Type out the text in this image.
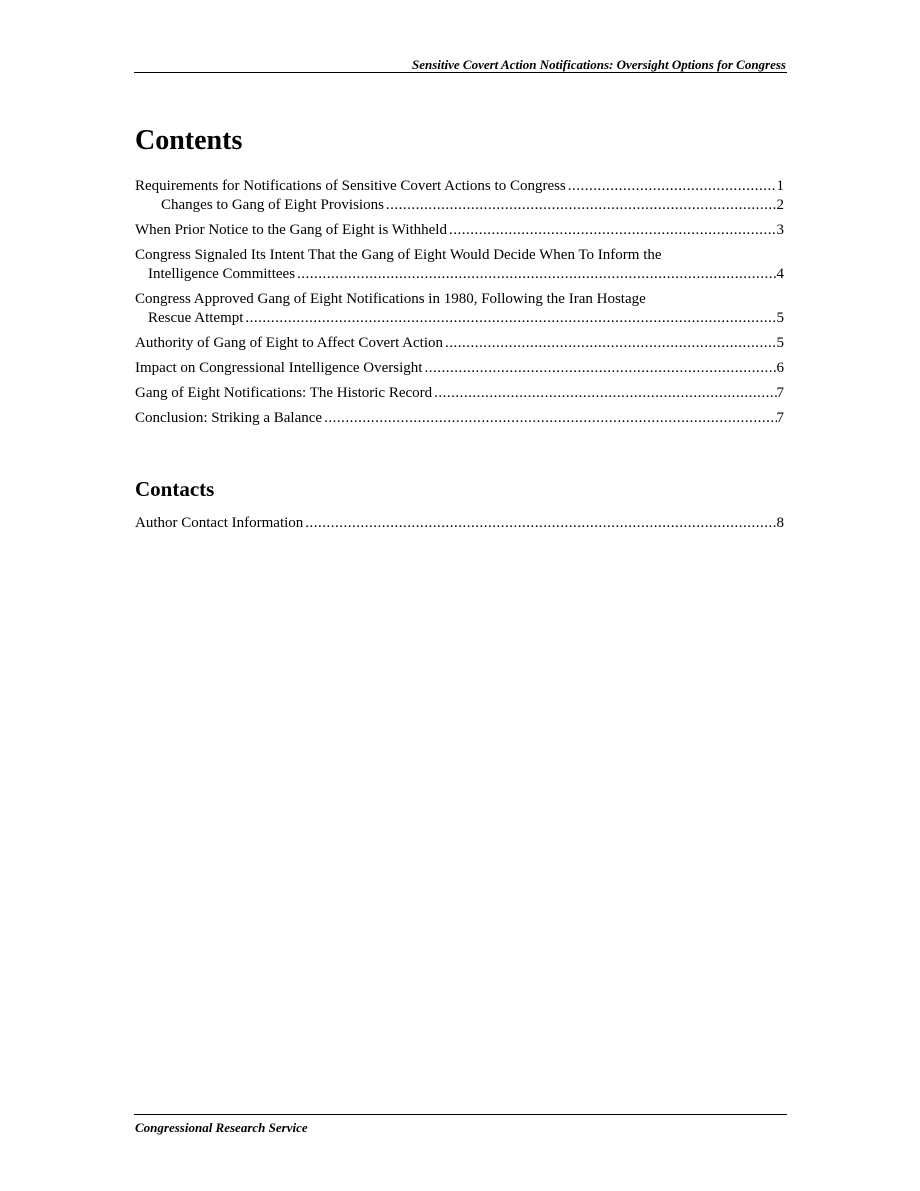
Sensitive Covert Action Notifications: Oversight Options for Congress
Contents
Requirements for Notifications of Sensitive Covert Actions to Congress .....	1
Changes to Gang of Eight Provisions .....	2
When Prior Notice to the Gang of Eight is Withheld .....	3
Congress Signaled Its Intent That the Gang of Eight Would Decide When To Inform the
Intelligence Committees .....	4
Congress Approved Gang of Eight Notifications in 1980, Following the Iran Hostage
Rescue Attempt .....	5
Authority of Gang of Eight to Affect Covert Action .....	5
Impact on Congressional Intelligence Oversight .....	6
Gang of Eight Notifications: The Historic Record .....	7
Conclusion: Striking a Balance .....	7
Contacts
Author Contact Information .....	8
Congressional Research Service
